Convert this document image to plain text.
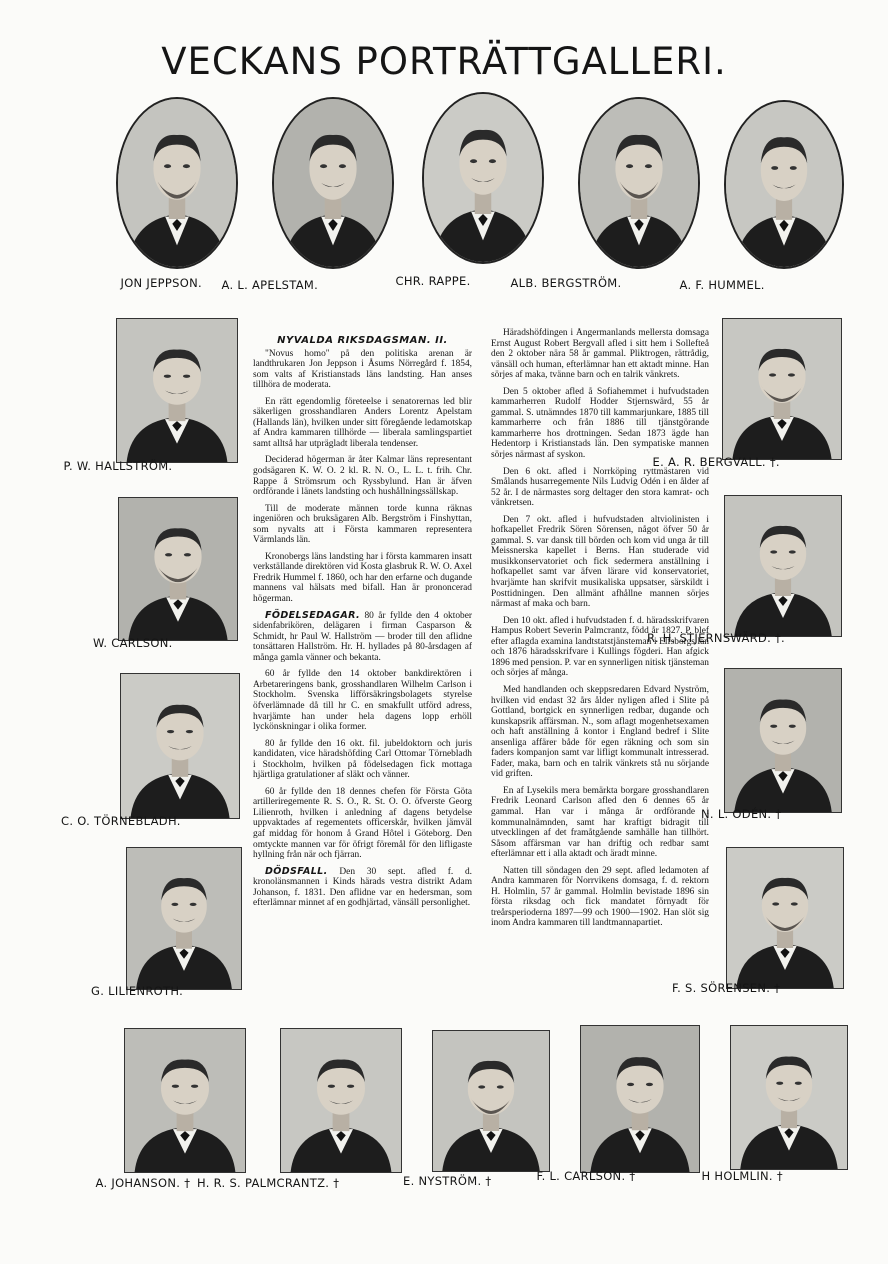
VECKANS PORTRÄTTGALLERI.

NYVALDA RIKSDAGSMÄN. II.

"Novus homo" på den politiska arenan är landthrukaren Jon Jeppson i Åsums Nörregård f. 1854, som valts af Kristianstads läns landsting. Han anses tillhöra de moderata.

En rätt egendomlig företeelse i senatorernas led blir säkerligen grosshandlaren Anders Lorentz Apelstam (Hallands län), hvilken under sitt föregående ledamotskap af Andra kammaren tillhörde — liberala samlingspartiet samt alltså har utprägladt liberala tendenser.

Deciderad högerman är åter Kalmar läns representant godsägaren K. W. O. 2 kl. R. N. O., L. L. t. frih. Chr. Rappe å Strömsrum och Ryssbylund. Han är äfven ordförande i länets landsting och hushållningssällskap.

Till de moderate männen torde kunna räknas ingeniören och bruksägaren Alb. Bergström i Finshyttan, som nyvalts att i Första kammaren representera Värmlands län.

Kronobergs läns landsting har i första kammaren insatt verkställande direktören vid Kosta glasbruk R. W. O. Axel Fredrik Hummel f. 1860, och har den erfarne och dugande mannens val hälsats med bifall. Han är prononcerad högerman.

FÖDELSEDAGAR. 80 år fyllde den 4 oktober sidenfabrikören, delägaren i firman Casparson & Schmidt, hr Paul W. Hallström — broder till den aflidne tonsättaren Hallström. Hr. H. hyllades på 80-årsdagen af många gamla vänner och bekanta.

60 år fyllde den 14 oktober bankdirektören i Arbetareringens bank, grosshandlaren Wilhelm Carlson i Stockholm. Svenska lifförsäkringsbolagets styrelse öfverlämnade då till hr C. en smakfullt utförd adress, hvarjämte han under hela dagens lopp erhöll lyckönskningar i olika former.

80 år fyllde den 16 okt. fil. jubeldoktorn och juris kandidaten, vice häradshöfding Carl Ottomar Törnebladh i Stockholm, hvilken på födelsedagen fick mottaga hjärtliga gratulationer af släkt och vänner.

60 år fyllde den 18 dennes chefen för Första Göta artilleriregemente R. S. O., R. St. O. O. öfverste Georg Lilienroth, hvilken i anledning af dagens betydelse uppvaktades af regementets officerskår, hvilken jämväl gaf middag för honom å Grand Hôtel i Göteborg. Den omtyckte mannen var för öfrigt föremål för den lifligaste hyllning från när och fjärran.

DÖDSFALL. Den 30 sept. afled f. d. kronolänsmannen i Kinds härads vestra distrikt Adam Johanson, f. 1831. Den aflidne var en hedersman, som efterlämnar minnet af en godhjärtad, vänsäll personlighet.

Häradshöfdingen i Ångermanlands mellersta domsaga Ernst August Robert Bergvall afled i sitt hem i Sollefteå den 2 oktober nära 58 år gammal. Pliktrogen, rättrådig, vänsäll och human, efterlämnar han ett aktadt minne. Han sörjes af maka, tvänne barn och en talrik vänkrets.

Den 5 oktober afled å Sofiahemmet i hufvudstaden kammarherren Rudolf Hodder Stjernswärd, 55 år gammal. S. utnämndes 1870 till kammarjunkare, 1885 till kammarherre och från 1886 till tjänstgörande kammarherre hos drottningen. Sedan 1873 ägde han Hedentorp i Kristianstads län. Den sympatiske mannen sörjes närmast af syskon.

Den 6 okt. afled i Norrköping ryttmästaren vid Smålands husarregemente Nils Ludvig Odén i en ålder af 52 år. I de närmastes sorg deltager den stora kamrat- och vänkretsen.

Den 7 okt. afled i hufvudstaden altviolinisten i hofkapellet Fredrik Sören Sörensen, något öfver 50 år gammal. S. var dansk till börden och kom vid unga år till Meissnerska kapellet i Berns. Han studerade vid musikkonservatoriet och fick sedermera anställning i hofkapellet samt var äfven lärare vid konservatoriet, hvarjämte han skrifvit musikaliska uppsatser, särskildt i Posttidningen. Den allmänt afhållne mannen sörjes närmast af maka och barn.

Den 10 okt. afled i hufvudstaden f. d. häradsskrifvaren Hampus Robert Severin Palmcrantz, född år 1827. P. blef efter aflagda examina landtstatstjänsteman i Elfsborgs län och 1876 häradsskrifvare i Kullings fögderi. Han afgick 1896 med pension. P. var en synnerligen nitisk tjänsteman och sörjes af många.

Med handlanden och skeppsredaren Edvard Nyström, hvilken vid endast 32 års ålder nyligen afled i Slite på Gottland, bortgick en synnerligen redbar, dugande och kunskapsrik affärsman. N., som aflagt mogenhetsexamen och haft anställning å kontor i England bedref i Slite ansenliga affärer både för egen räkning och som sin faders kompanjon samt var lifligt kommunalt intresserad. Fader, maka, barn och en talrik vänkrets stå nu sörjande vid griften.

En af Lysekils mera bemärkta borgare grosshandlaren Fredrik Leonard Carlson afled den 6 dennes 65 år gammal. Han var i många år ordförande i kommunalnämnden, samt har kraftigt bidragit till utvecklingen af det framåtgående samhälle han tillhört. Såsom affärsman var han driftig och redbar samt efterlämnar ett i alla aktadt och äradt minne.

Natten till söndagen den 29 sept. afled ledamoten af Andra kammaren för Norrvikens domsaga, f. d. rektorn H. Holmlin, 57 år gammal. Holmlin bevistade 1896 sin första riksdag och fick mandatet förnyadt för treårsperioderna 1897—99 och 1900—1902. Han slöt sig inom Andra kammaren till landtmannapartiet.

JON JEPPSON. A. L. APELSTAM.	CHR. RAPPE.	ALB. BERGSTRÖM.	A. F. HUMMEL.
P. W. HALLSTRÖM.
W. CARLSON.
C. O. TÖRNEBLADH.
G. LILIENROTH.
E. A. R. BERGVALL. †.
R. H. STJERNSWÄRD. †.
N. L. ODÉN. †
F. S. SÖRENSEN. †
A. JOHANSON. † H. R. S. PALMCRANTZ. †	E. NYSTRÖM. †	F. L. CARLSON. †	H HOLMLIN. †
